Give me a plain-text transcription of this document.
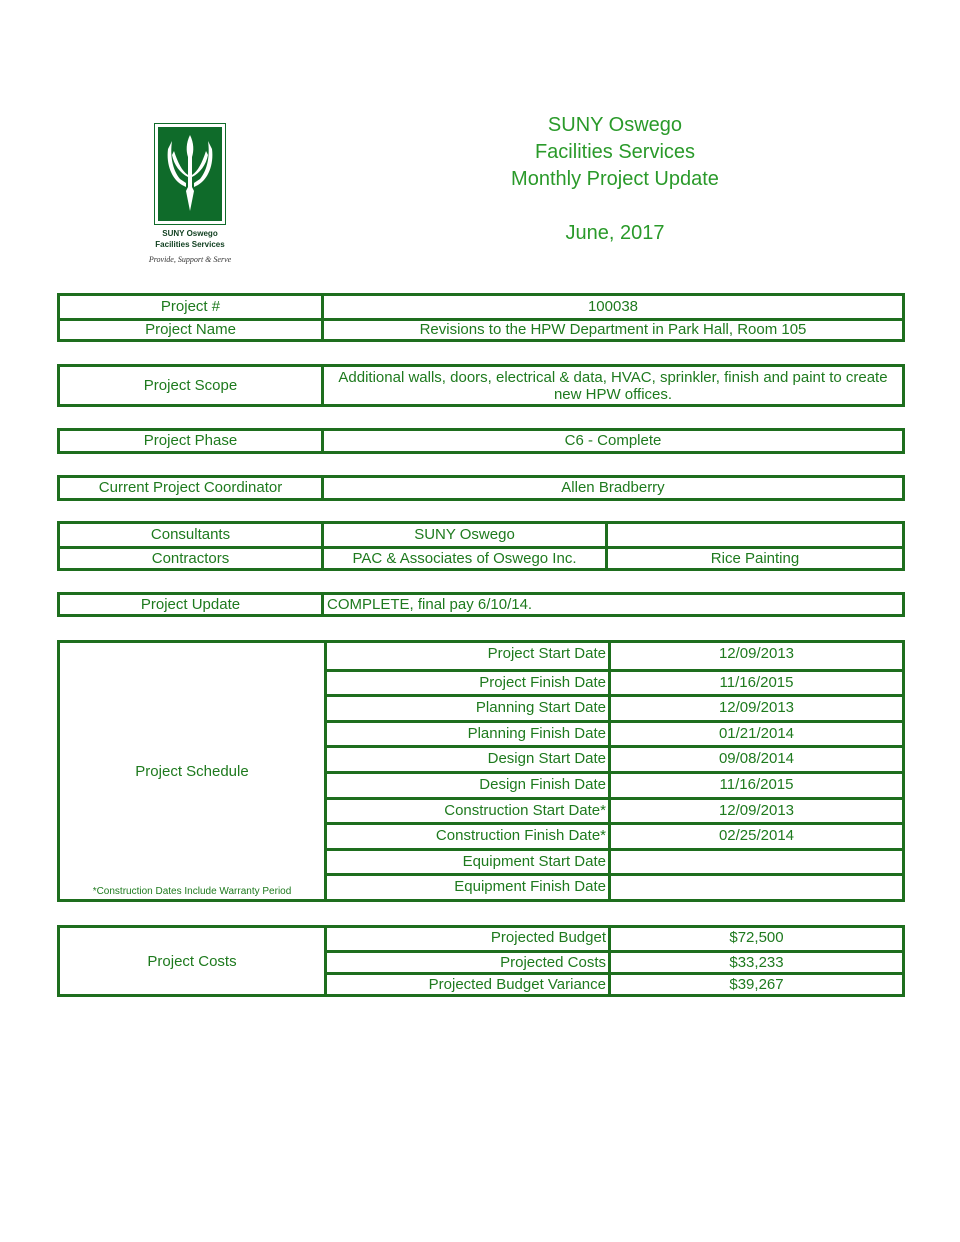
SUNY Oswego
Facilities Services
Monthly Project Update
June, 2017
SUNY Oswego
Facilities Services
Provide, Support & Serve
Project #	100038
Project Name	Revisions to the HPW Department in Park Hall, Room 105
Project Scope	Additional walls, doors, electrical & data, HVAC, sprinkler, finish and paint to create new HPW offices.
Project Phase	C6 - Complete
Current Project Coordinator	Allen Bradberry
Consultants	SUNY Oswego
Contractors	PAC & Associates of Oswego Inc.	Rice Painting
Project Update	COMPLETE, final pay 6/10/14.
Project Schedule
*Construction Dates Include Warranty Period
Project Start Date	12/09/2013
Project Finish Date	11/16/2015
Planning Start Date	12/09/2013
Planning Finish Date	01/21/2014
Design Start Date	09/08/2014
Design Finish Date	11/16/2015
Construction Start Date*	12/09/2013
Construction Finish Date*	02/25/2014
Equipment Start Date
Equipment Finish Date
Project Costs
Projected Budget	$72,500
Projected Costs	$33,233
Projected Budget Variance	$39,267
